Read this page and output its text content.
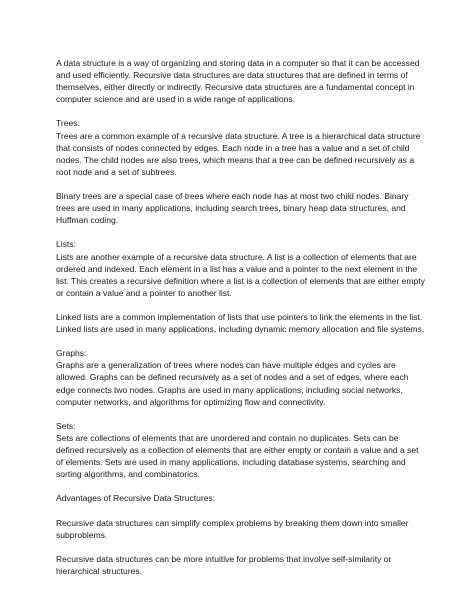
A data structure is a way of organizing and storing data in a computer so that it can be accessed and used efficiently. Recursive data structures are data structures that are defined in terms of themselves, either directly or indirectly. Recursive data structures are a fundamental concept in computer science and are used in a wide range of applications.

Trees:

Trees are a common example of a recursive data structure. A tree is a hierarchical data structure that consists of nodes connected by edges. Each node in a tree has a value and a set of child nodes. The child nodes are also trees, which means that a tree can be defined recursively as a root node and a set of subtrees.

Binary trees are a special case of trees where each node has at most two child nodes. Binary trees are used in many applications, including search trees, binary heap data structures, and Huffman coding.

Lists:

Lists are another example of a recursive data structure. A list is a collection of elements that are ordered and indexed. Each element in a list has a value and a pointer to the next element in the list. This creates a recursive definition where a list is a collection of elements that are either empty or contain a value and a pointer to another list.

Linked lists are a common implementation of lists that use pointers to link the elements in the list. Linked lists are used in many applications, including dynamic memory allocation and file systems.

Graphs:

Graphs are a generalization of trees where nodes can have multiple edges and cycles are allowed. Graphs can be defined recursively as a set of nodes and a set of edges, where each edge connects two nodes. Graphs are used in many applications, including social networks, computer networks, and algorithms for optimizing flow and connectivity.

Sets:

Sets are collections of elements that are unordered and contain no duplicates. Sets can be defined recursively as a collection of elements that are either empty or contain a value and a set of elements. Sets are used in many applications, including database systems, searching and sorting algorithms, and combinatorics.

Advantages of Recursive Data Structures:

Recursive data structures can simplify complex problems by breaking them down into smaller subproblems.

Recursive data structures can be more intuitive for problems that involve self-similarity or hierarchical structures.
